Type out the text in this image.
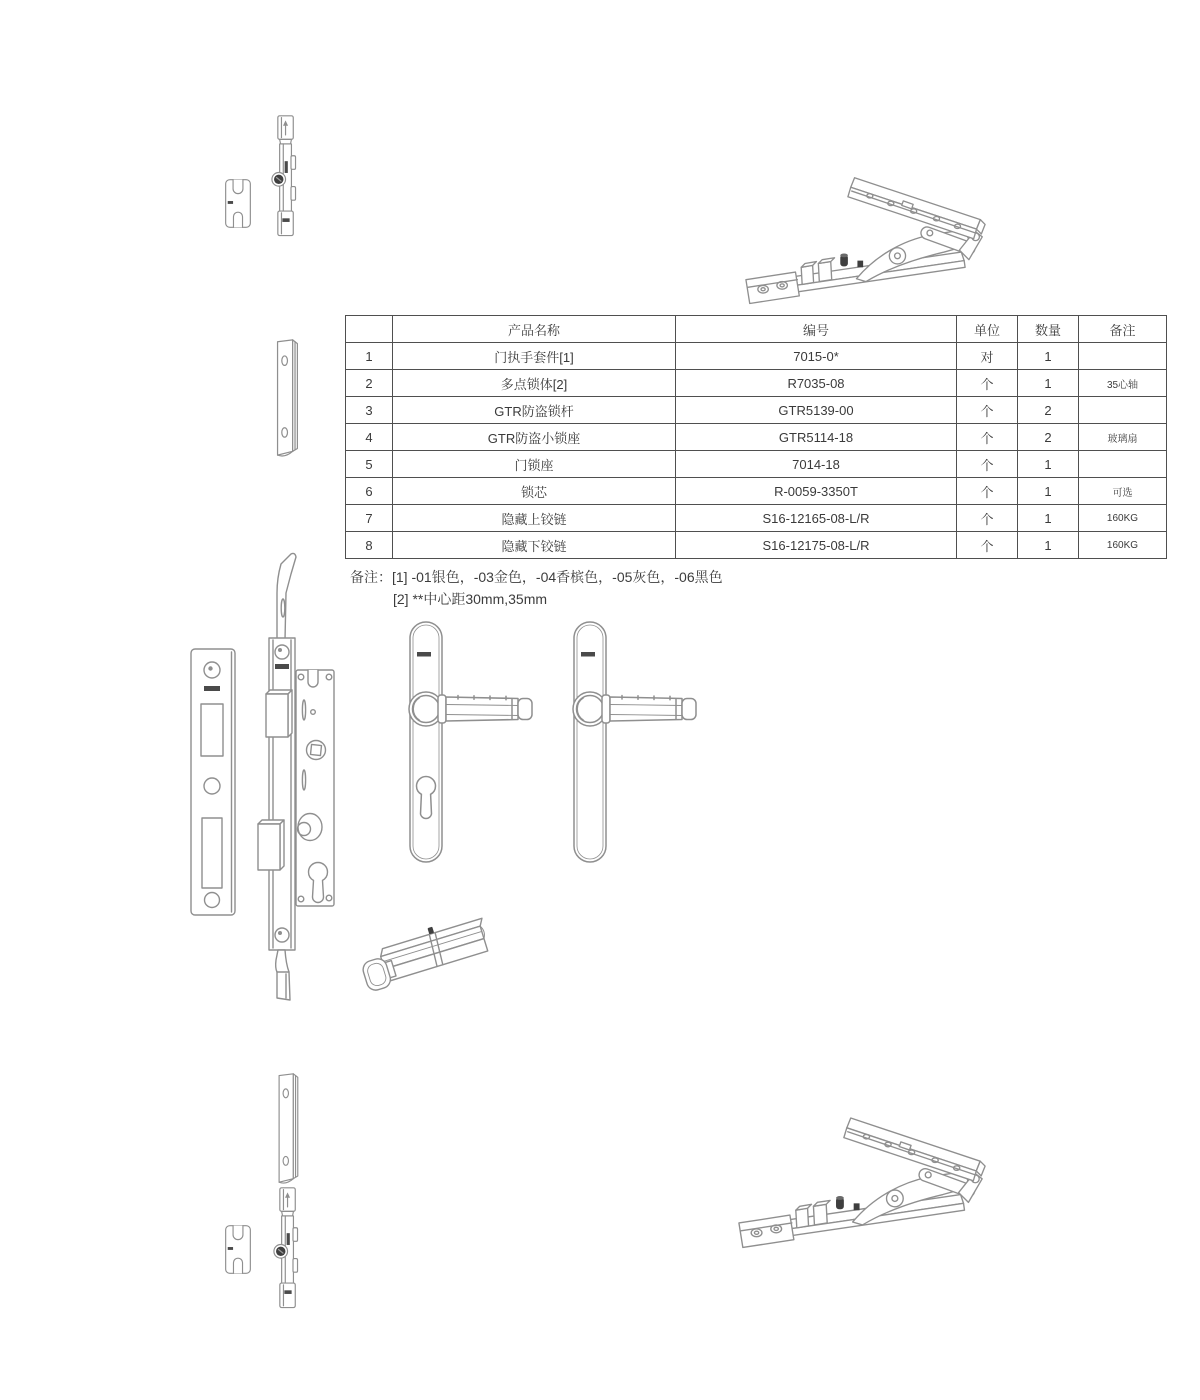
	产品名称	编号	单位	数量	备注
1	门执手套件[1]	7015-0*	对	1	
2	多点锁体[2]	R7035-08	个	1	35心轴
3	GTR防盗锁杆	GTR5139-00	个	2	
4	GTR防盗小锁座	GTR5114-18	个	2	玻璃扇
5	门锁座	7014-18	个	1	
6	锁芯	R-0059-3350T	个	1	可选
7	隐藏上铰链	S16-12165-08-L/R	个	1	160KG
8	隐藏下铰链	S16-12175-08-L/R	个	1	160KG
备注：[1] -01银色，-03金色，-04香槟色，-05灰色，-06黑色
[2] **中心距30mm,35mm
